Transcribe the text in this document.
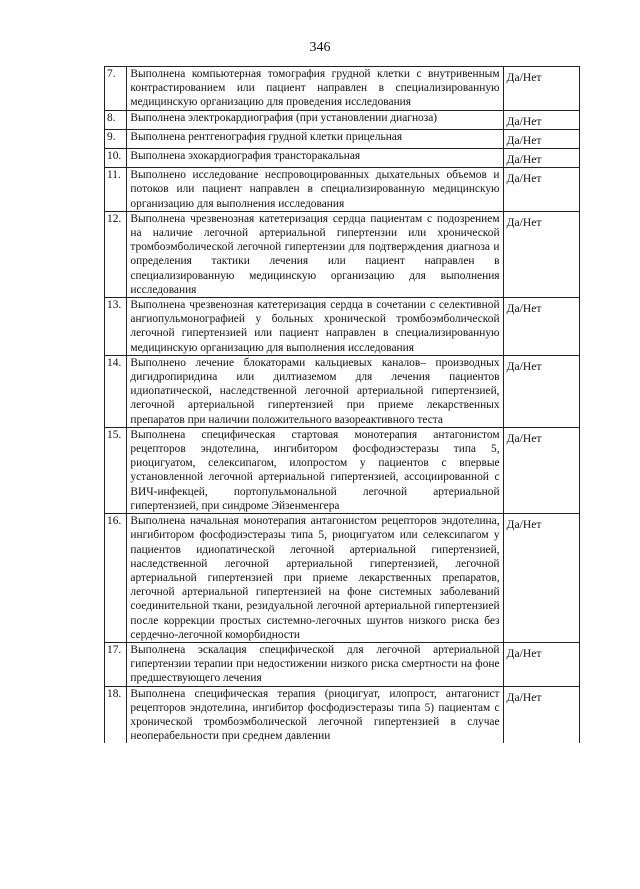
346
7.	Выполнена компьютерная томография грудной клетки с внутривенным контрастированием или пациент направлен в специализированную медицинскую организацию для проведения исследования	Да/Нет
8.	Выполнена электрокардиография (при установлении диагноза)	Да/Нет
9.	Выполнена рентгенография грудной клетки прицельная	Да/Нет
10.	Выполнена эхокардиография трансторакальная	Да/Нет
11.	Выполнено исследование неспровоцированных дыхательных объемов и потоков или пациент направлен в специализированную медицинскую организацию для выполнения исследования	Да/Нет
12.	Выполнена чрезвенозная катетеризация сердца пациентам с подозрением на наличие легочной артериальной гипертензии или хронической тромбоэмболической легочной гипертензии для подтверждения диагноза и определения тактики лечения или пациент направлен в специализированную медицинскую организацию для выполнения исследования	Да/Нет
13.	Выполнена чрезвенозная катетеризация сердца в сочетании с селективной ангиопульмонографией у больных хронической тромбоэмболической легочной гипертензией или пациент направлен в специализированную медицинскую организацию для выполнения исследования	Да/Нет
14.	Выполнено лечение блокаторами кальциевых каналов– производных дигидропиридина или дилтиаземом для лечения пациентов идиопатической, наследственной легочной артериальной гипертензией, легочной артериальной гипертензией при приеме лекарственных препаратов при наличии положительного вазореактивного теста	Да/Нет
15.	Выполнена специфическая стартовая монотерапия антагонистом рецепторов эндотелина, ингибитором фосфодиэстеразы типа 5, риоцигуатом, селексипагом, илопростом у пациентов с впервые установленной легочной артериальной гипертензией, ассоциированной с ВИЧ-инфекцей, портопульмональной легочной артериальной гипертензией, при синдроме Эйзенменгера	Да/Нет
16.	Выполнена начальная монотерапия антагонистом рецепторов эндотелина, ингибитором фосфодиэстеразы типа 5, риоцигуатом или селексипагом у пациентов идиопатической легочной артериальной гипертензией, наследственной легочной артериальной гипертензией, легочной артериальной гипертензией при приеме лекарственных препаратов, легочной артериальной гипертензией на фоне системных заболеваний соединительной ткани, резидуальной легочной артериальной гипертензией после коррекции простых системно-легочных шунтов низкого риска без сердечно-легочной коморбидности	Да/Нет
17.	Выполнена эскалация специфической для легочной артериальной гипертензии терапии при недостижении низкого риска смертности на фоне предшествующего лечения	Да/Нет
18.	Выполнена специфическая терапия (риоцигуат, илопрост, антагонист рецепторов эндотелина, ингибитор фосфодиэстеразы типа 5) пациентам с хронической тромбоэмболической легочной гипертензией в случае неоперабельности при среднем давлении	Да/Нет
